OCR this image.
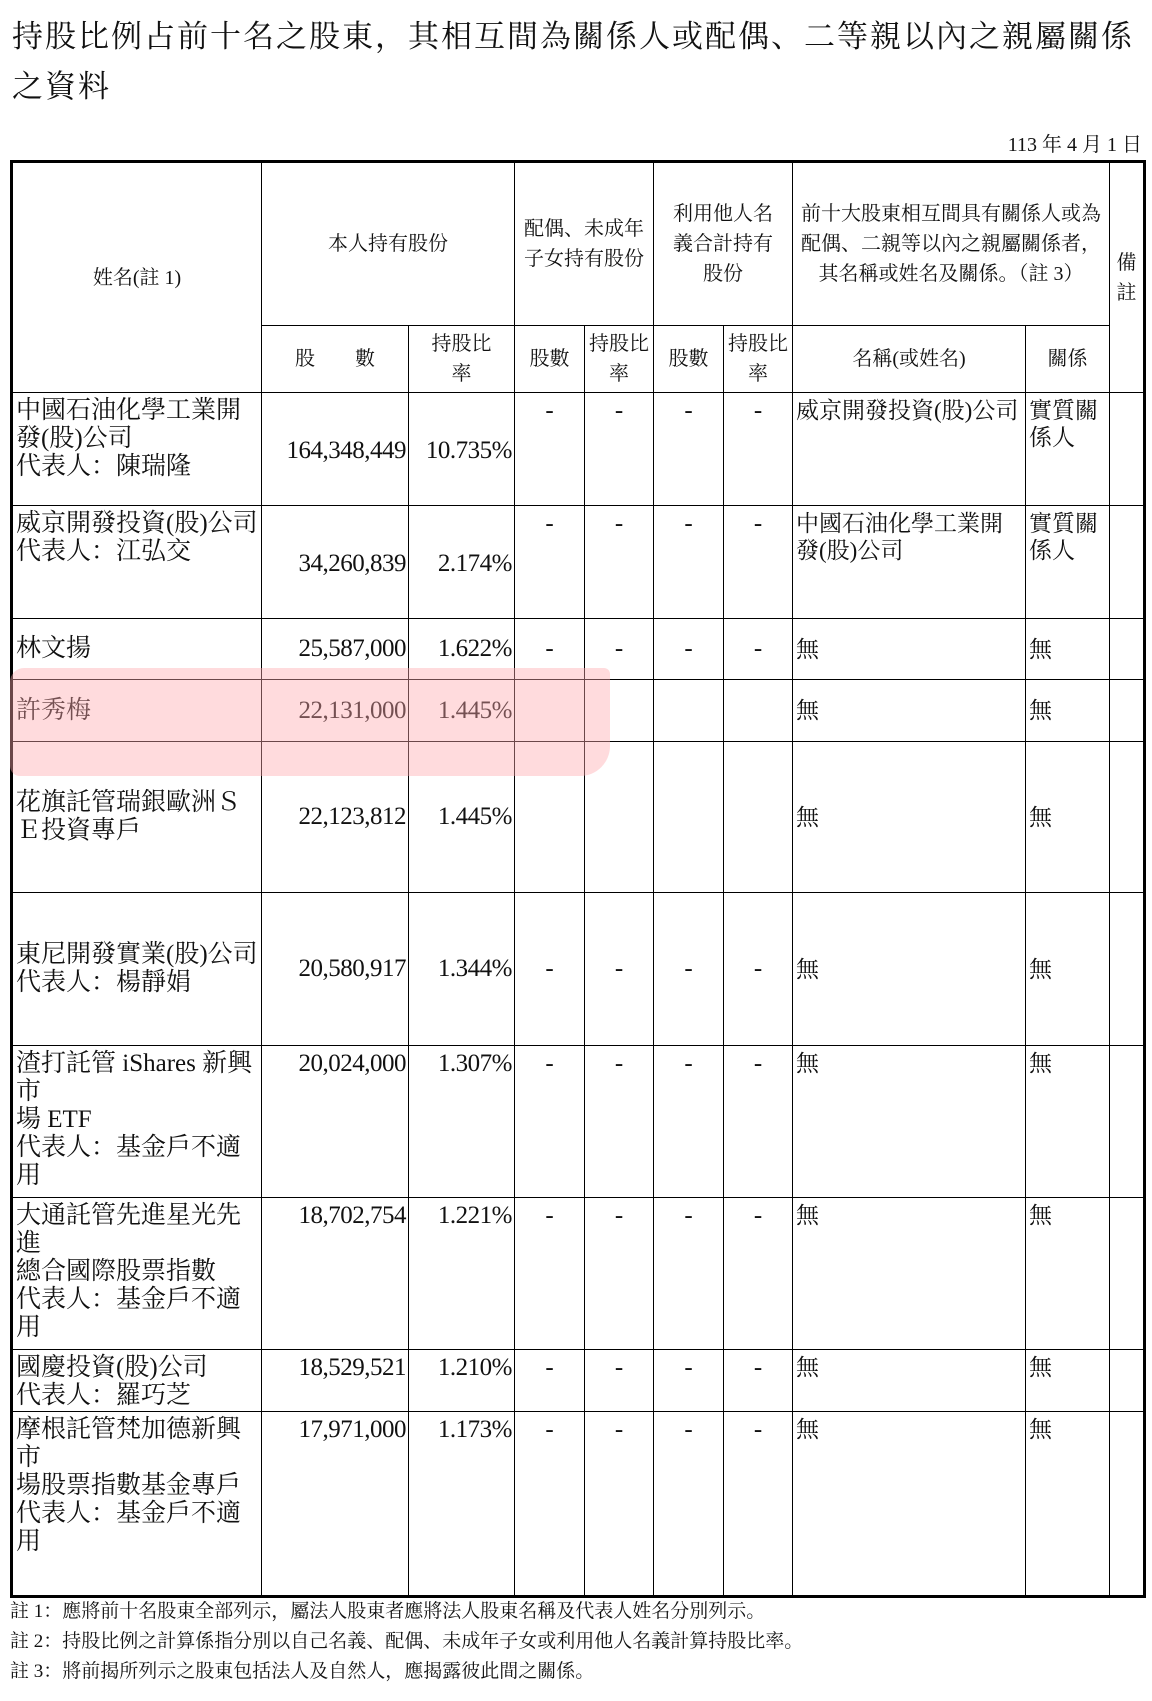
持股比例占前十名之股東，其相互間為關係人或配偶、二等親以內之親屬關係之資料
113 年 4 月 1 日
姓名(註 1)	本人持有股份		配偶、未成年子女持有股份		利用他人名義合計持有股份		前十大股東相互間具有關係人或為配偶、二親等以內之親屬關係者，其名稱或姓名及關係。（註 3）		備註
	股　　數	持股比率	股數	持股比率	股數	持股比率	名稱(或姓名)	關係	

中國石油化學工業開發(股)公司
代表人：陳瑞隆	164,348,449	10.735%	-	-	-	-	威京開發投資(股)公司	實質關　係人	

威京開發投資(股)公司
代表人：江弘交	34,260,839	2.174%	-	-	-	-	中國石油化學工業開發(股)公司	實質關　係人	

林文揚	25,587,000	1.622%	-	-	-	-	無	無	

許秀梅	22,131,000	1.445%					無	無	

花旗託管瑞銀歐洲ＳＥ投資專戶	22,123,812	1.445%					無	無	

東尼開發實業(股)公司
代表人：楊靜娟	20,580,917	1.344%	-	-	-	-	無	無	

渣打託管 iShares 新興市
場 ETF
代表人：基金戶不適用	20,024,000	1.307%	-	-	-	-	無	無	

大通託管先進星光先進
總合國際股票指數
代表人：基金戶不適用	18,702,754	1.221%	-	-	-	-	無	無	

國慶投資(股)公司
代表人：羅巧芝	18,529,521	1.210%	-	-	-	-	無	無	

摩根託管梵加德新興市
場股票指數基金專戶
代表人：基金戶不適用	17,971,000	1.173%	-	-	-	-	無	無	
註 1：應將前十名股東全部列示，屬法人股東者應將法人股東名稱及代表人姓名分別列示。
註 2：持股比例之計算係指分別以自己名義、配偶、未成年子女或利用他人名義計算持股比率。
註 3：將前揭所列示之股東包括法人及自然人，應揭露彼此間之關係。
